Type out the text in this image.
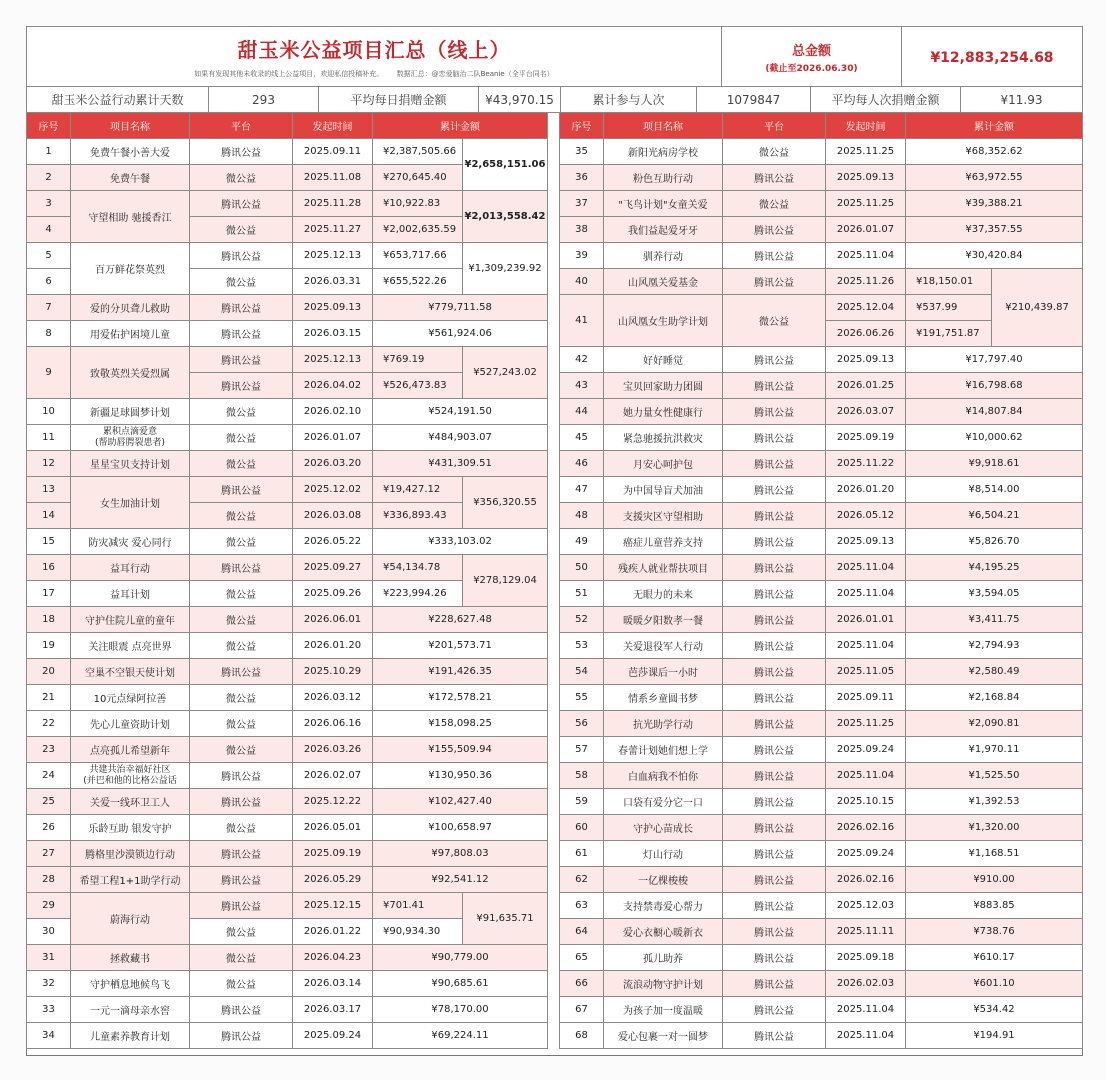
甜玉米公益项目汇总（线上）
如果有发现其他未收录的线上公益项目，欢迎私信投稿补充。 数据汇总：@恋爱脑治二队Beanie（全平台同名）

总金额
(截止至2026.06.30)
	¥12,883,254.68
甜玉米公益行动累计天数	293	平均每日捐赠金额	¥43,970.15	累计参与人次	1079847	平均每人次捐赠金额	¥11.93
序号	项目名称	平台	发起时间	累计金额	
1	免费午餐小善大爱	腾讯公益	2025.09.11	¥2,387,505.66	¥2,658,151.06
2	免费午餐	微公益	2025.11.08	¥270,645.40	
3	守望相助 驰援香江	腾讯公益	2025.11.28	¥10,922.83	¥2,013,558.42
4		微公益	2025.11.27	¥2,002,635.59	
5	百万鲜花祭英烈	腾讯公益	2025.12.13	¥653,717.66	¥1,309,239.92
6		微公益	2026.03.31	¥655,522.26	
7	爱的分贝聋儿救助	腾讯公益	2025.09.13	¥779,711.58	
8	用爱佑护困境儿童	腾讯公益	2026.03.15	¥561,924.06	
9	致敬英烈关爱烈属	腾讯公益	2025.12.13	¥769.19	¥527,243.02
		腾讯公益	2026.04.02	¥526,473.83	
10	新疆足球圆梦计划	微公益	2026.02.10	¥524,191.50	
11	累积点滴爱意
(帮助唇腭裂患者)	微公益	2026.01.07	¥484,903.07	
12	星星宝贝支持计划	微公益	2026.03.20	¥431,309.51	
13	女生加油计划	腾讯公益	2025.12.02	¥19,427.12	¥356,320.55
14		微公益	2026.03.08	¥336,893.43	
15	防灾减灾 爱心同行	微公益	2026.05.22	¥333,103.02	
16	益耳行动	腾讯公益	2025.09.27	¥54,134.78	¥278,129.04
17	益耳计划	微公益	2025.09.26	¥223,994.26	
18	守护住院儿童的童年	微公益	2026.06.01	¥228,627.48	
19	关注眼震 点亮世界	微公益	2026.01.20	¥201,573.71	
20	空巢不空银天使计划	腾讯公益	2025.10.29	¥191,426.35	
21	10元点绿阿拉善	微公益	2026.03.12	¥172,578.21	
22	先心儿童资助计划	微公益	2026.06.16	¥158,098.25	
23	点亮孤儿希望新年	微公益	2026.03.26	¥155,509.94	
24	共建共治幸福好社区
(并巴和他的比格公益话	腾讯公益	2026.02.07	¥130,950.36	
25	关爱一线环卫工人	腾讯公益	2025.12.22	¥102,427.40	
26	乐龄互助 银发守护	微公益	2026.05.01	¥100,658.97	
27	腾格里沙漠锁边行动	腾讯公益	2025.09.19	¥97,808.03	
28	希望工程1+1助学行动	腾讯公益	2026.05.29	¥92,541.12	
29	蔚海行动	腾讯公益	2025.12.15	¥701.41	¥91,635.71
30		微公益	2026.01.22	¥90,934.30	
31	拯救藏书	微公益	2026.04.23	¥90,779.00	
32	守护栖息地候鸟飞	微公益	2026.03.14	¥90,685.61	
33	一元一滴母亲水窖	腾讯公益	2026.03.17	¥78,170.00	
34	儿童素养教育计划	腾讯公益	2025.09.24	¥69,224.11	
序号	项目名称	平台	发起时间	累计金额	
35	新阳光病房学校	微公益	2025.11.25	¥68,352.62	
36	粉色互助行动	腾讯公益	2025.09.13	¥63,972.55	
37	"飞鸟计划"女童关爱	微公益	2025.11.25	¥39,388.21	
38	我们益起爱牙牙	腾讯公益	2026.01.07	¥37,357.55	
39	驯养行动	腾讯公益	2025.11.04	¥30,420.84	
40	山风凰关爱基金	腾讯公益	2025.11.26	¥18,150.01	¥210,439.87
41	山风凰女生助学计划	微公益	2025.12.04	¥537.99	
			2026.06.26	¥191,751.87	
42	好好睡觉	腾讯公益	2025.09.13	¥17,797.40	
43	宝贝回家助力团圆	腾讯公益	2026.01.25	¥16,798.68	
44	她力量女性健康行	腾讯公益	2026.03.07	¥14,807.84	
45	紧急驰援抗洪救灾	腾讯公益	2025.09.19	¥10,000.62	
46	月安心呵护包	腾讯公益	2025.11.22	¥9,918.61	
47	为中国导盲犬加油	腾讯公益	2026.01.20	¥8,514.00	
48	支援灾区守望相助	腾讯公益	2026.05.12	¥6,504.21	
49	癌症儿童营养支持	腾讯公益	2025.09.13	¥5,826.70	
50	残疾人就业帮扶项目	腾讯公益	2025.11.04	¥4,195.25	
51	无眼力的未来	腾讯公益	2025.11.04	¥3,594.05	
52	暖暖夕阳数孝一餐	腾讯公益	2026.01.01	¥3,411.75	
53	关爱退役军人行动	腾讯公益	2025.11.04	¥2,794.93	
54	芭莎课后一小时	腾讯公益	2025.11.05	¥2,580.49	
55	情系乡童圆书梦	腾讯公益	2025.09.11	¥2,168.84	
56	抗光助学行动	腾讯公益	2025.11.25	¥2,090.81	
57	春蕾计划她们想上学	腾讯公益	2025.09.24	¥1,970.11	
58	白血病我不怕你	腾讯公益	2025.11.04	¥1,525.50	
59	口袋有爱分它一口	腾讯公益	2025.10.15	¥1,392.53	
60	守护心苗成长	腾讯公益	2026.02.16	¥1,320.00	
61	灯山行动	腾讯公益	2025.09.24	¥1,168.51	
62	一亿棵梭梭	腾讯公益	2026.02.16	¥910.00	
63	支持禁毒爱心帮力	腾讯公益	2025.12.03	¥883.85	
64	爱心衣橱心暖新衣	腾讯公益	2025.11.11	¥738.76	
65	孤儿助养	腾讯公益	2025.09.18	¥610.17	
66	流浪动物守护计划	腾讯公益	2026.02.03	¥601.10	
67	为孩子加一度温暖	腾讯公益	2025.11.04	¥534.42	
68	爱心包裹一对一圆梦	腾讯公益	2025.11.04	¥194.91	
